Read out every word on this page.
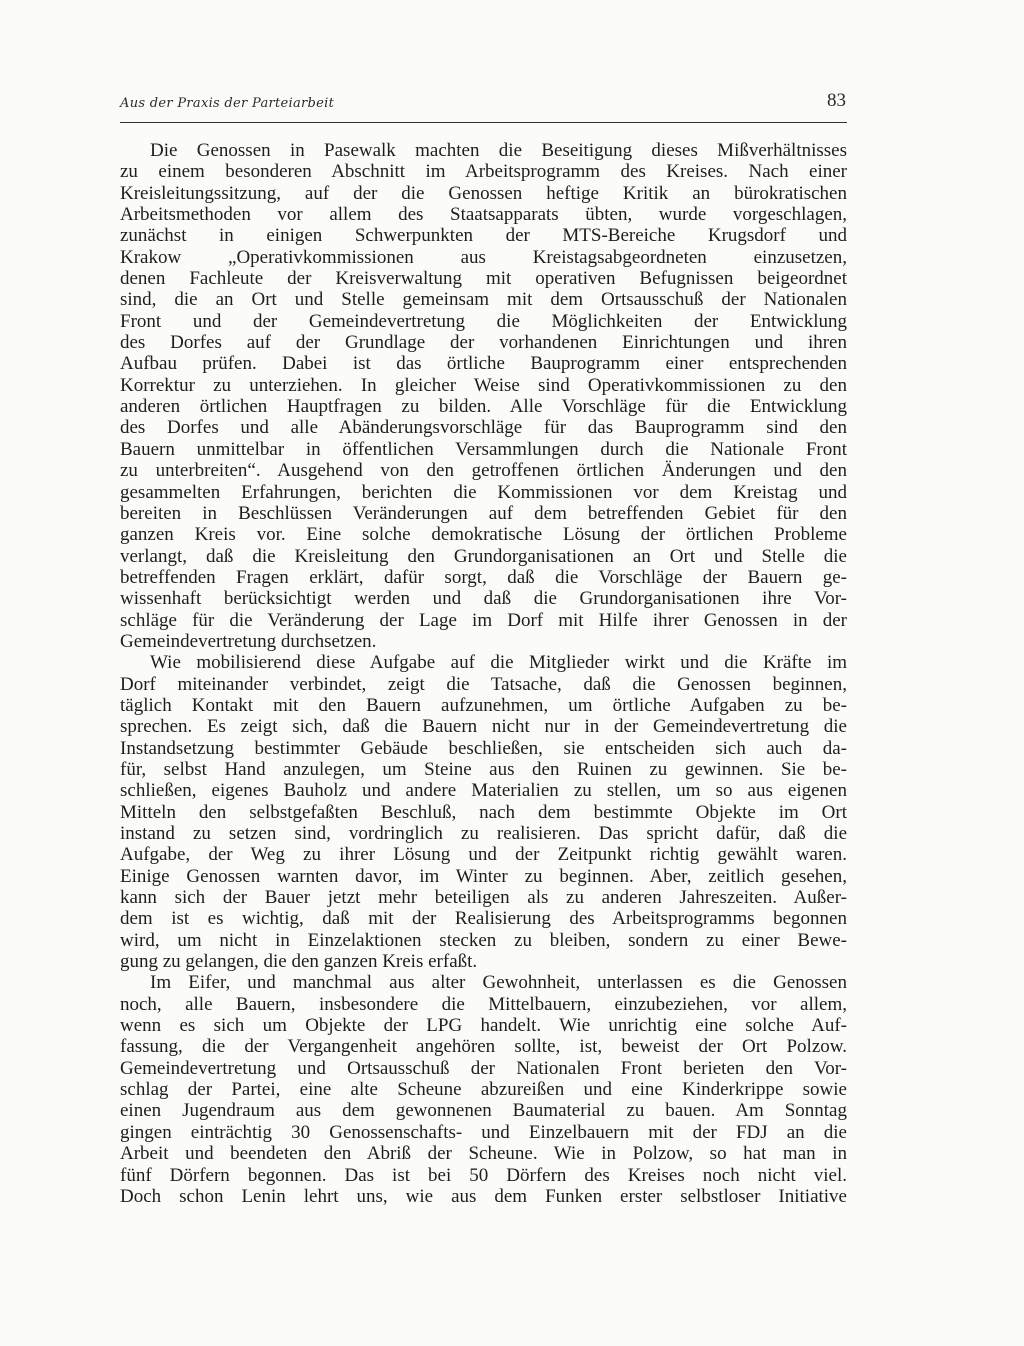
Aus der Praxis der Parteiarbeit	83
Die Genossen in Pasewalk machten die Beseitigung dieses Mißverhältnisses
zu einem besonderen Abschnitt im Arbeitsprogramm des Kreises. Nach einer
Kreisleitungssitzung, auf der die Genossen heftige Kritik an bürokratischen
Arbeitsmethoden vor allem des Staatsapparats übten, wurde vorgeschlagen,
zunächst in einigen Schwerpunkten der MTS-Bereiche Krugsdorf und
Krakow „Operativkommissionen aus Kreistagsabgeordneten einzusetzen,
denen Fachleute der Kreisverwaltung mit operativen Befugnissen beigeordnet
sind, die an Ort und Stelle gemeinsam mit dem Ortsausschuß der Nationalen
Front und der Gemeindevertretung die Möglichkeiten der Entwicklung
des Dorfes auf der Grundlage der vorhandenen Einrichtungen und ihren
Aufbau prüfen. Dabei ist das örtliche Bauprogramm einer entsprechenden
Korrektur zu unterziehen. In gleicher Weise sind Operativkommissionen zu den
anderen örtlichen Hauptfragen zu bilden. Alle Vorschläge für die Entwicklung
des Dorfes und alle Abänderungsvorschläge für das Bauprogramm sind den
Bauern unmittelbar in öffentlichen Versammlungen durch die Nationale Front
zu unterbreiten“. Ausgehend von den getroffenen örtlichen Änderungen und den
gesammelten Erfahrungen, berichten die Kommissionen vor dem Kreistag und
bereiten in Beschlüssen Veränderungen auf dem betreffenden Gebiet für den
ganzen Kreis vor. Eine solche demokratische Lösung der örtlichen Probleme
verlangt, daß die Kreisleitung den Grundorganisationen an Ort und Stelle die
betreffenden Fragen erklärt, dafür sorgt, daß die Vorschläge der Bauern ge-
wissenhaft berücksichtigt werden und daß die Grundorganisationen ihre Vor-
schläge für die Veränderung der Lage im Dorf mit Hilfe ihrer Genossen in der
Gemeindevertretung durchsetzen.
Wie mobilisierend diese Aufgabe auf die Mitglieder wirkt und die Kräfte im
Dorf miteinander verbindet, zeigt die Tatsache, daß die Genossen beginnen,
täglich Kontakt mit den Bauern aufzunehmen, um örtliche Aufgaben zu be-
sprechen. Es zeigt sich, daß die Bauern nicht nur in der Gemeindevertretung die
Instandsetzung bestimmter Gebäude beschließen, sie entscheiden sich auch da-
für, selbst Hand anzulegen, um Steine aus den Ruinen zu gewinnen. Sie be-
schließen, eigenes Bauholz und andere Materialien zu stellen, um so aus eigenen
Mitteln den selbstgefaßten Beschluß, nach dem bestimmte Objekte im Ort
instand zu setzen sind, vordringlich zu realisieren. Das spricht dafür, daß die
Aufgabe, der Weg zu ihrer Lösung und der Zeitpunkt richtig gewählt waren.
Einige Genossen warnten davor, im Winter zu beginnen. Aber, zeitlich gesehen,
kann sich der Bauer jetzt mehr beteiligen als zu anderen Jahreszeiten. Außer-
dem ist es wichtig, daß mit der Realisierung des Arbeitsprogramms begonnen
wird, um nicht in Einzelaktionen stecken zu bleiben, sondern zu einer Bewe-
gung zu gelangen, die den ganzen Kreis erfaßt.
Im Eifer, und manchmal aus alter Gewohnheit, unterlassen es die Genossen
noch, alle Bauern, insbesondere die Mittelbauern, einzubeziehen, vor allem,
wenn es sich um Objekte der LPG handelt. Wie unrichtig eine solche Auf-
fassung, die der Vergangenheit angehören sollte, ist, beweist der Ort Polzow.
Gemeindevertretung und Ortsausschuß der Nationalen Front berieten den Vor-
schlag der Partei, eine alte Scheune abzureißen und eine Kinderkrippe sowie
einen Jugendraum aus dem gewonnenen Baumaterial zu bauen. Am Sonntag
gingen einträchtig 30 Genossenschafts- und Einzelbauern mit der FDJ an die
Arbeit und beendeten den Abriß der Scheune. Wie in Polzow, so hat man in
fünf Dörfern begonnen. Das ist bei 50 Dörfern des Kreises noch nicht viel.
Doch schon Lenin lehrt uns, wie aus dem Funken erster selbstloser Initiative
